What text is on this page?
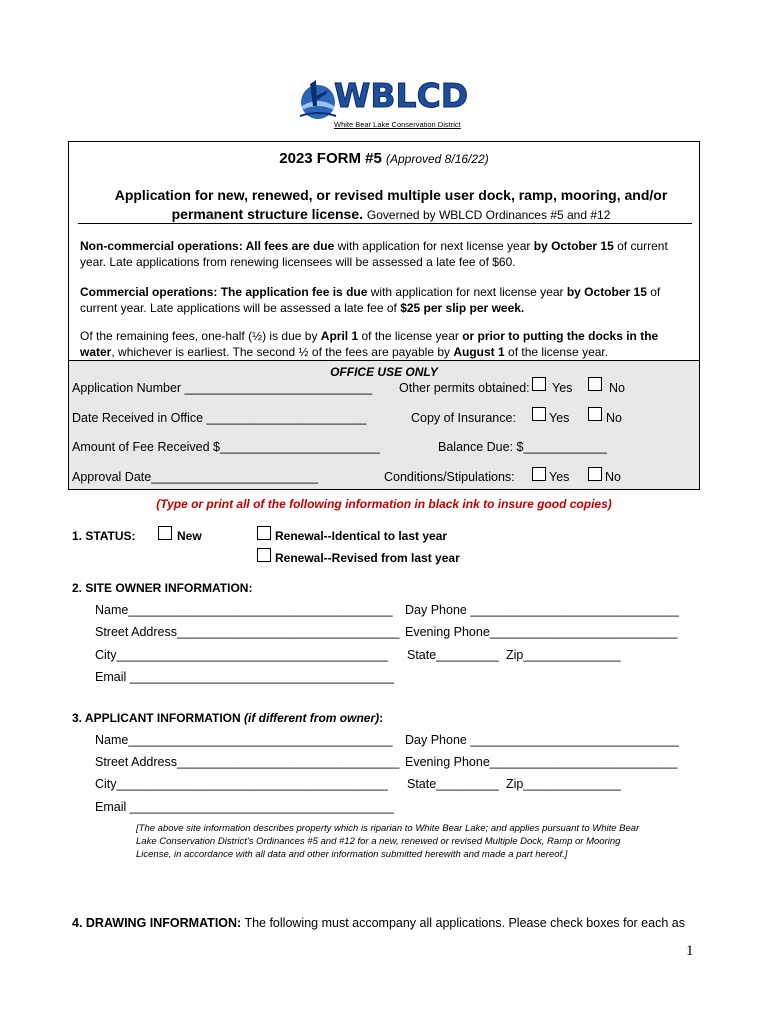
WBLCD
White Bear Lake Conservation District
2023 FORM #5 (Approved 8/16/22)
Application for new, renewed, or revised multiple user dock, ramp, mooring, and/or
permanent structure license. Governed by WBLCD Ordinances #5 and #12
Non-commercial operations: All fees are due with application for next license year by October 15 of current year. Late applications from renewing licensees will be assessed a late fee of $60.
Commercial operations: The application fee is due with application for next license year by October 15 of current year. Late applications will be assessed a late fee of $25 per slip per week.
Of the remaining fees, one-half (½) is due by April 1 of the license year or prior to putting the docks in the water, whichever is earliest. The second ½ of the fees are payable by August 1 of the license year.
OFFICE USE ONLY
Application Number ___________________________ Other permits obtained: Yes	No
Date Received in Office _______________________	Copy of Insurance:	Yes	No
Amount of Fee Received $_______________________	Balance Due: $____________
Approval Date________________________	Conditions/Stipulations:	Yes	No
(Type or print all of the following information in black ink to insure good copies)
1. STATUS:	New	Renewal--Identical to last year
Renewal--Revised from last year
2. SITE OWNER INFORMATION:
Name______________________________________ Day Phone ______________________________
Street Address________________________________ Evening Phone___________________________
City_______________________________________ State_________ Zip______________
Email ______________________________________
3. APPLICANT INFORMATION (if different from owner):
Name______________________________________ Day Phone ______________________________
Street Address________________________________ Evening Phone___________________________
City_______________________________________ State_________ Zip______________
Email ______________________________________
[The above site information describes property which is riparian to White Bear Lake; and applies pursuant to White Bear Lake Conservation District's Ordinances #5 and #12 for a new, renewed or revised Multiple Dock, Ramp or Mooring License, in accordance with all data and other information submitted herewith and made a part hereof.]
4. DRAWING INFORMATION: The following must accompany all applications. Please check boxes for each as
1
